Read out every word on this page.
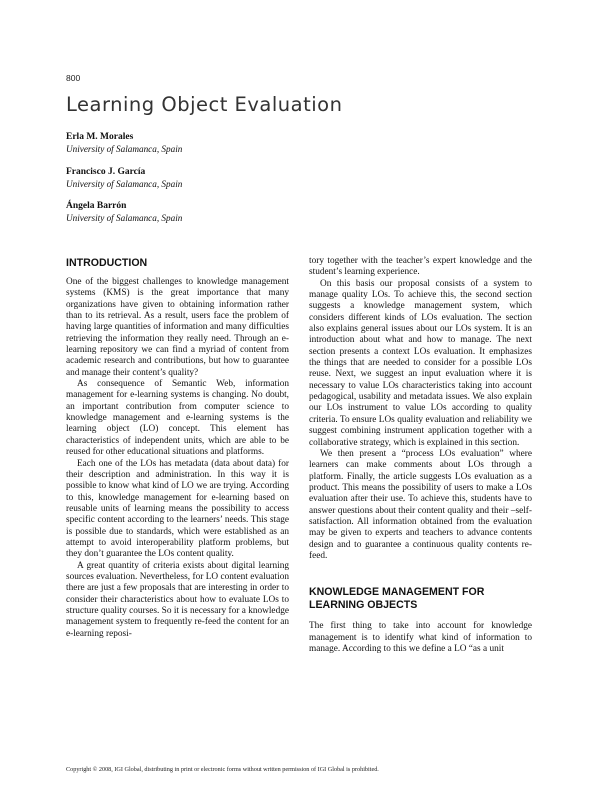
800
Learning Object Evaluation
Erla M. Morales
University of Salamanca, Spain
Francisco J. García
University of Salamanca, Spain
Ángela Barrón
University of Salamanca, Spain
INTRODUCTION

One of the biggest challenges to knowledge management systems (KMS) is the great importance that many organizations have given to obtaining information rather than to its retrieval. As a result, users face the problem of having large quantities of information and many difficulties retrieving the information they really need. Through an e-learning repository we can find a myriad of content from academic research and contributions, but how to guarantee and manage their content’s quality?

As consequence of Semantic Web, information management for e-learning systems is changing. No doubt, an important contribution from computer science to knowledge management and e-learning systems is the learning object (LO) concept. This element has characteristics of independent units, which are able to be reused for other educational situations and platforms.

Each one of the LOs has metadata (data about data) for their description and administration. In this way it is possible to know what kind of LO we are trying. According to this, knowledge management for e-learning based on reusable units of learning means the possibility to access specific content according to the learners’ needs. This stage is possible due to standards, which were established as an attempt to avoid interoperability platform problems, but they don’t guarantee the LOs content quality.

A great quantity of criteria exists about digital learning sources evaluation. Nevertheless, for LO content evaluation there are just a few proposals that are interesting in order to consider their characteristics about how to evaluate LOs to structure quality courses. So it is necessary for a knowledge management system to frequently re-feed the content for an e-learning reposi-

tory together with the teacher’s expert knowledge and the student’s learning experience.

On this basis our proposal consists of a system to manage quality LOs. To achieve this, the second section suggests a knowledge management system, which considers different kinds of LOs evaluation. The section also explains general issues about our LOs system. It is an introduction about what and how to manage. The next section presents a context LOs evaluation. It emphasizes the things that are needed to consider for a possible LOs reuse. Next, we suggest an input evaluation where it is necessary to value LOs characteristics taking into account pedagogical, usability and metadata issues. We also explain our LOs instrument to value LOs according to quality criteria. To ensure LOs quality evaluation and reliability we suggest combining instrument application together with a collaborative strategy, which is explained in this section.

We then present a “process LOs evaluation” where learners can make comments about LOs through a platform. Finally, the article suggests LOs evaluation as a product. This means the possibility of users to make a LOs evaluation after their use. To achieve this, students have to answer questions about their content quality and their –self-satisfaction. All information obtained from the evaluation may be given to experts and teachers to advance contents design and to guarantee a continuous quality contents re-feed.

KNOWLEDGE MANAGEMENT FOR
LEARNING OBJECTS

The first thing to take into account for knowledge management is to identify what kind of information to manage. According to this we define a LO “as a unit

Copyright © 2008, IGI Global, distributing in print or electronic forms without written permission of IGI Global is prohibited.
